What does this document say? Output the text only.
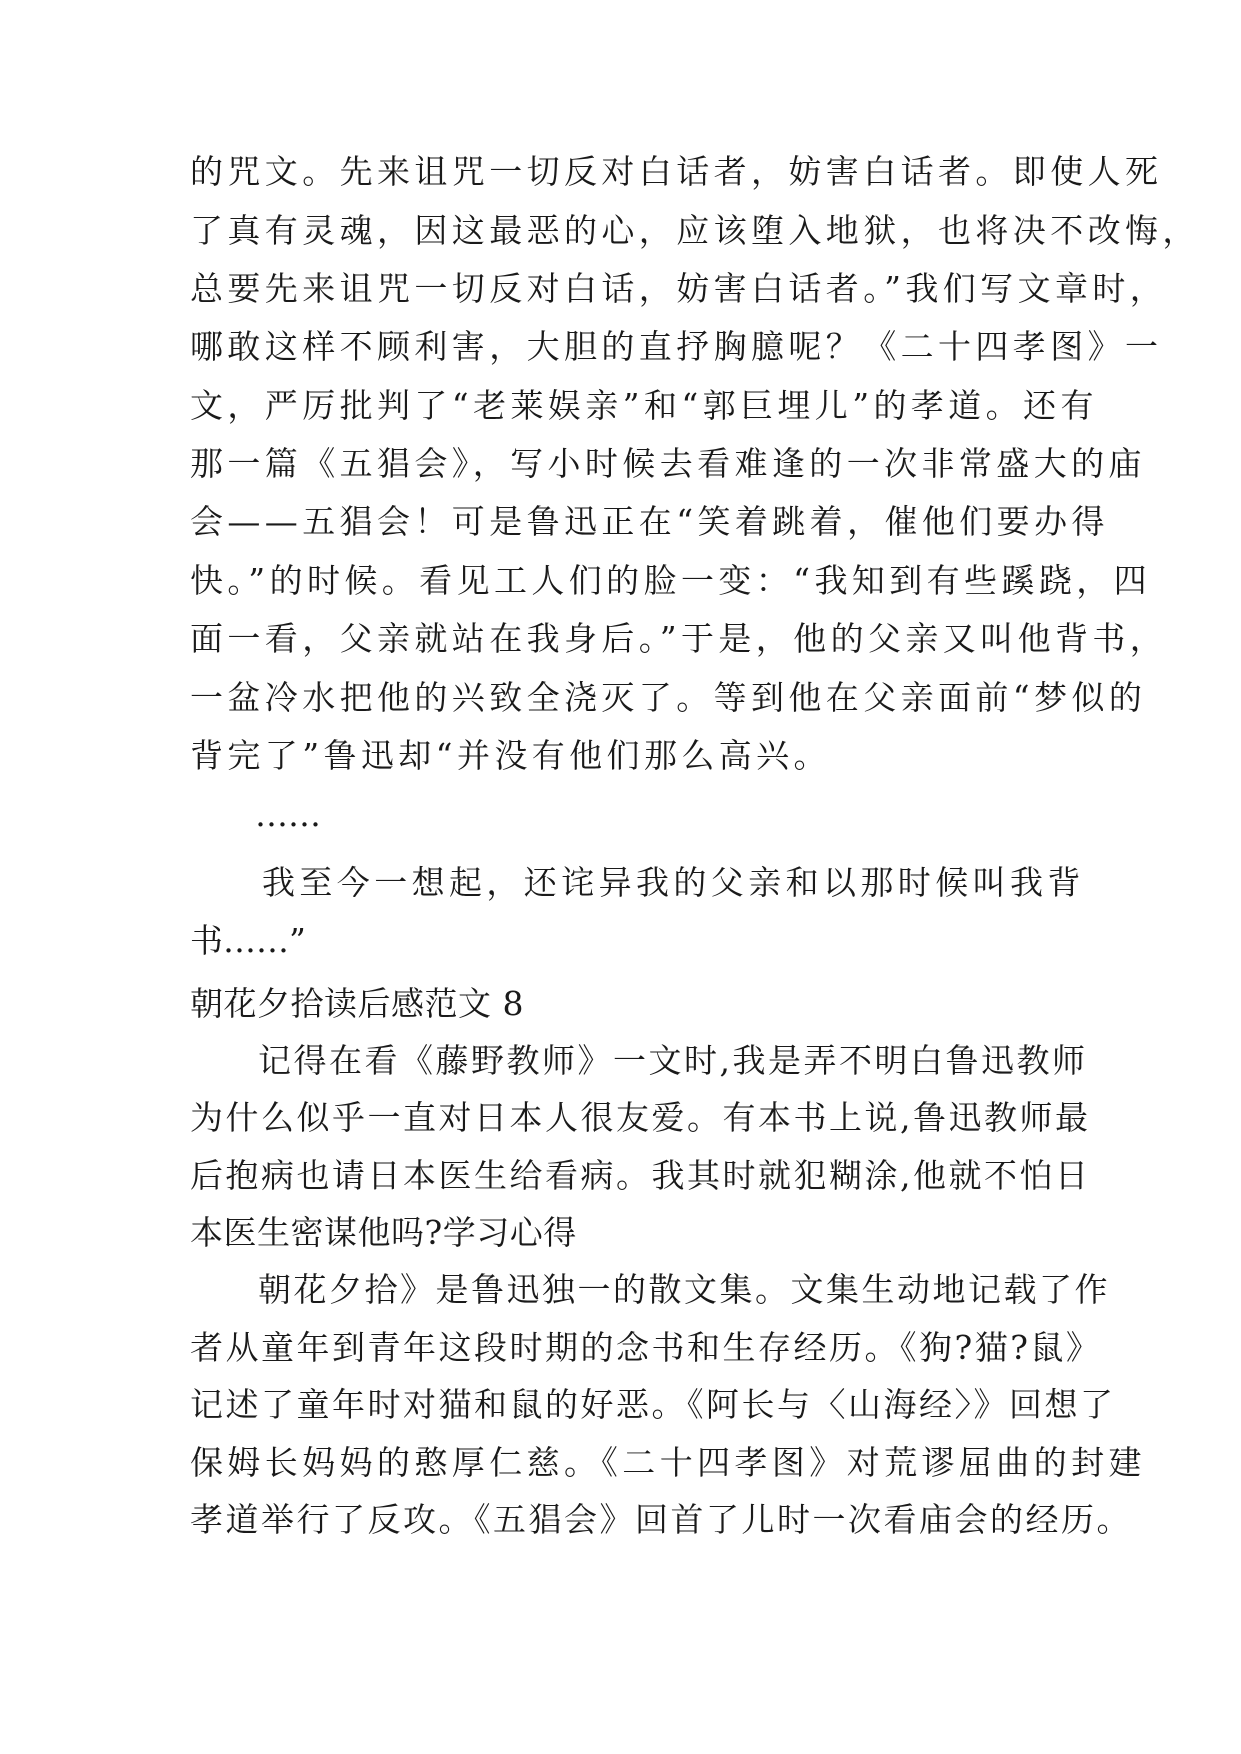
的咒文。先来诅咒一切反对白话者，妨害白话者。即使人死
了真有灵魂，因这最恶的心，应该堕入地狱，也将决不改悔，
总要先来诅咒一切反对白话，妨害白话者。”我们写文章时，
哪敢这样不顾利害，大胆的直抒胸臆呢？《二十四孝图》一
文，严厉批判了“老莱娱亲”和“郭巨埋儿”的孝道。还有
那一篇《五猖会》，写小时候去看难逢的一次非常盛大的庙
会——五猖会！可是鲁迅正在“笑着跳着，催他们要办得
快。”的时候。看见工人们的脸一变：“我知到有些蹊跷，四
面一看，父亲就站在我身后。”于是，他的父亲又叫他背书，
一盆冷水把他的兴致全浇灭了。等到他在父亲面前“梦似的
背完了”鲁迅却“并没有他们那么高兴。
……
我至今一想起，还诧异我的父亲和以那时候叫我背
书……”
朝花夕拾读后感范文 8
记得在看《藤野教师》一文时,我是弄不明白鲁迅教师
为什么似乎一直对日本人很友爱。有本书上说,鲁迅教师最
后抱病也请日本医生给看病。我其时就犯糊涂,他就不怕日
本医生密谋他吗?学习心得
朝花夕拾》是鲁迅独一的散文集。文集生动地记载了作
者从童年到青年这段时期的念书和生存经历。《狗?猫?鼠》
记述了童年时对猫和鼠的好恶。《阿长与〈山海经〉》回想了
保姆长妈妈的憨厚仁慈。《二十四孝图》对荒谬屈曲的封建
孝道举行了反攻。《五猖会》回首了儿时一次看庙会的经历。
